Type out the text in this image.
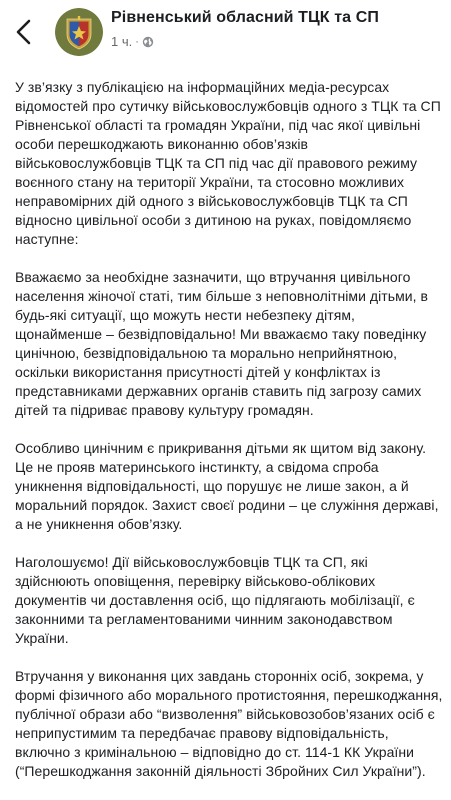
Рівненський обласний ТЦК та СП
1 ч. ·

У зв’язку з публікацією на інформаційних медіа-ресурсах відомостей про сутичку військовослужбовців одного з ТЦК та СП Рівненської області та громадян України, під час якої цивільні особи перешкоджають виконанню обов’язків військовослужбовців ТЦК та СП під час дії правового режиму воєнного стану на території України, та стосовно можливих неправомірних дій одного з військовослужбовців ТЦК та СП відносно цивільної особи з дитиною на руках, повідомляємо наступне:

Вважаємо за необхідне зазначити, що втручання цивільного населення жіночої статі, тим більше з неповнолітніми дітьми, в будь-які ситуації, що можуть нести небезпеку дітям, щонайменше – безвідповідально! Ми вважаємо таку поведінку цинічною, безвідповідальною та морально неприйнятною, оскільки використання присутності дітей у конфліктах із представниками державних органів ставить під загрозу самих дітей та підриває правову культуру громадян.

Особливо цинічним є прикривання дітьми як щитом від закону. Це не прояв материнського інстинкту, а свідома спроба уникнення відповідальності, що порушує не лише закон, а й моральний порядок. Захист своєї родини – це служіння державі, а не уникнення обов’язку.

Наголошуємо! Дії військовослужбовців ТЦК та СП, які здійснюють оповіщення, перевірку військово-облікових документів чи доставлення осіб, що підлягають мобілізації, є законними та регламентованими чинним законодавством України.

Втручання у виконання цих завдань сторонніх осіб, зокрема, у формі фізичного або морального протистояння, перешкоджання, публічної образи або “визволення” військовозобов’язаних осіб є неприпустимим та передбачає правову відповідальність, включно з кримінальною – відповідно до ст. 114-1 КК України (“Перешкоджання законній діяльності Збройних Сил України”).
